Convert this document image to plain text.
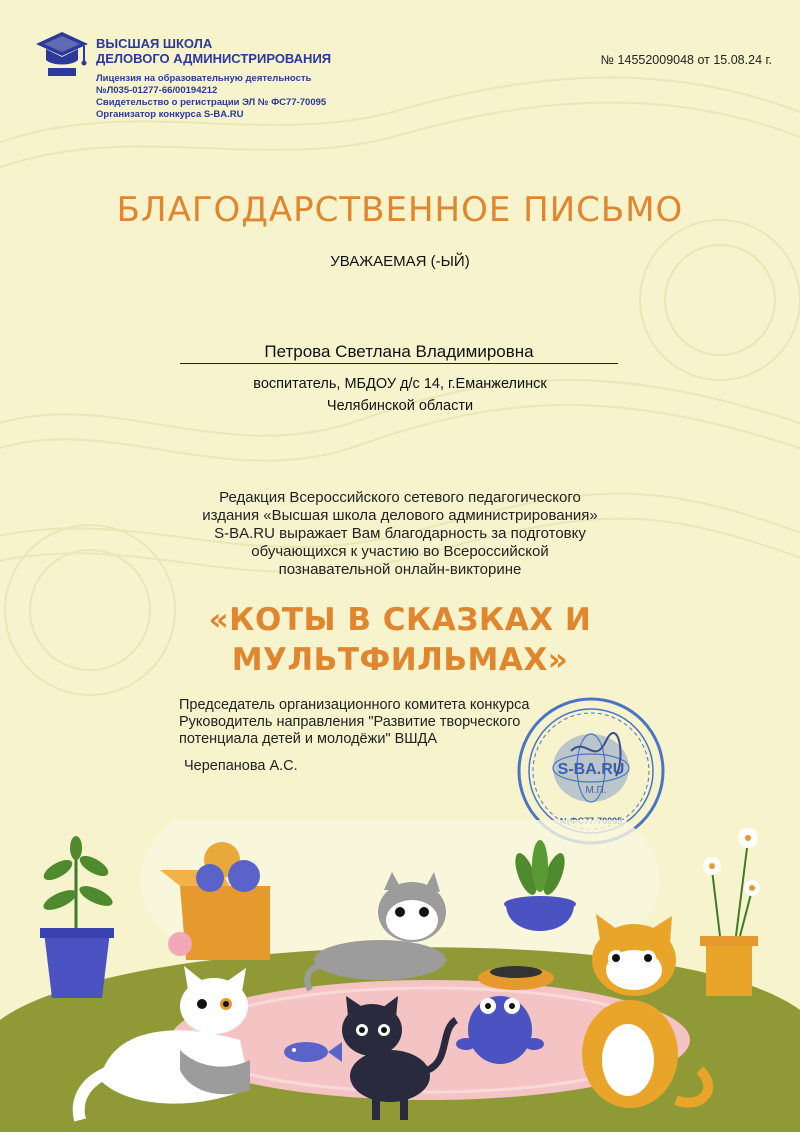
ВЫСШАЯ ШКОЛА
ДЕЛОВОГО АДМИНИСТРИРОВАНИЯ
Лицензия на образовательную деятельность
№Л035-01277-66/00194212
Свидетельство о регистрации ЭЛ № ФС77-70095
Организатор конкурса S-BA.RU
№ 14552009048 от 15.08.24 г.
БЛАГОДАРСТВЕННОЕ ПИСЬМО
УВАЖАЕМАЯ (-ЫЙ)
Петрова Светлана Владимировна
воспитатель, МБДОУ д/с 14, г.Еманжелинск
Челябинской области
Редакция Всероссийского сетевого педагогического
издания «Высшая школа делового администрирования»
S-BA.RU выражает Вам благодарность за подготовку
обучающихся к участию во Всероссийской
познавательной онлайн-викторине
«КОТЫ В СКАЗКАХ И
МУЛЬТФИЛЬМАХ»
Председатель организационного комитета конкурса
Руководитель направления "Развитие творческого
потенциала детей и молодёжи" ВШДА
Черепанова А.С.	S-BA.RU
М.П.
